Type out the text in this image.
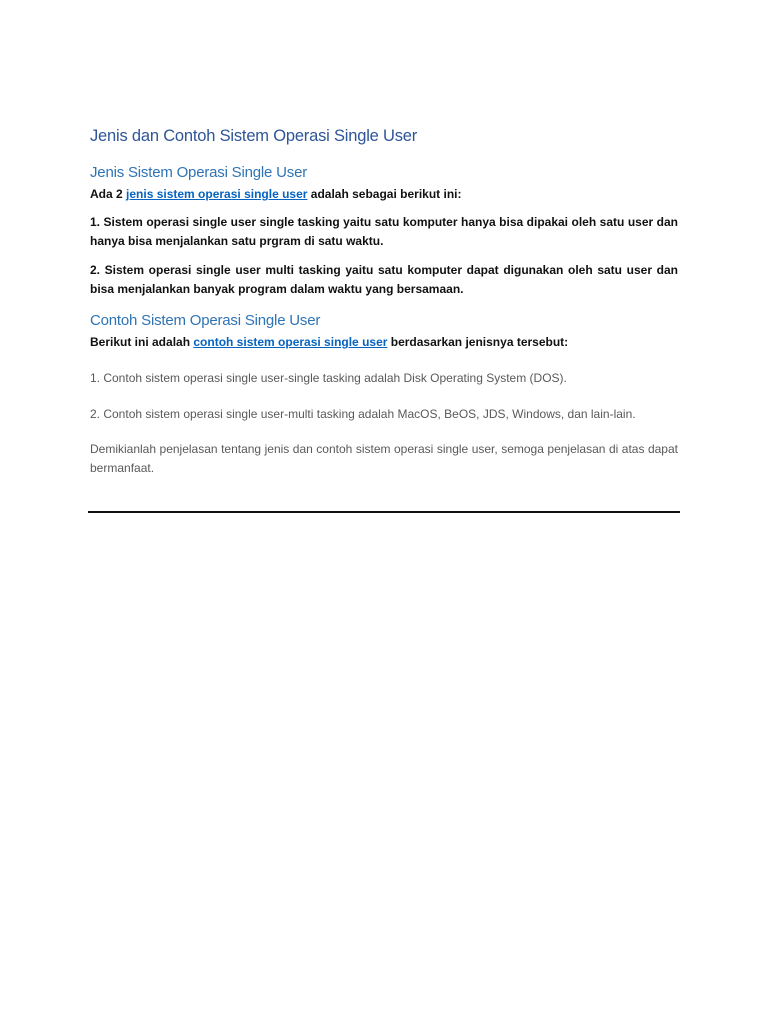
Jenis dan Contoh Sistem Operasi Single User
Jenis Sistem Operasi Single User

Ada 2 jenis sistem operasi single user adalah sebagai berikut ini:

1. Sistem operasi single user single tasking yaitu satu komputer hanya bisa dipakai oleh satu user dan hanya bisa menjalankan satu prgram di satu waktu.

2. Sistem operasi single user multi tasking yaitu satu komputer dapat digunakan oleh satu user dan bisa menjalankan banyak program dalam waktu yang bersamaan.

Contoh Sistem Operasi Single User

Berikut ini adalah contoh sistem operasi single user berdasarkan jenisnya tersebut:

1. Contoh sistem operasi single user-single tasking adalah Disk Operating System (DOS).

2. Contoh sistem operasi single user-multi tasking adalah MacOS, BeOS, JDS, Windows, dan lain-lain.

Demikianlah penjelasan tentang jenis dan contoh sistem operasi single user, semoga penjelasan di atas dapat bermanfaat.
